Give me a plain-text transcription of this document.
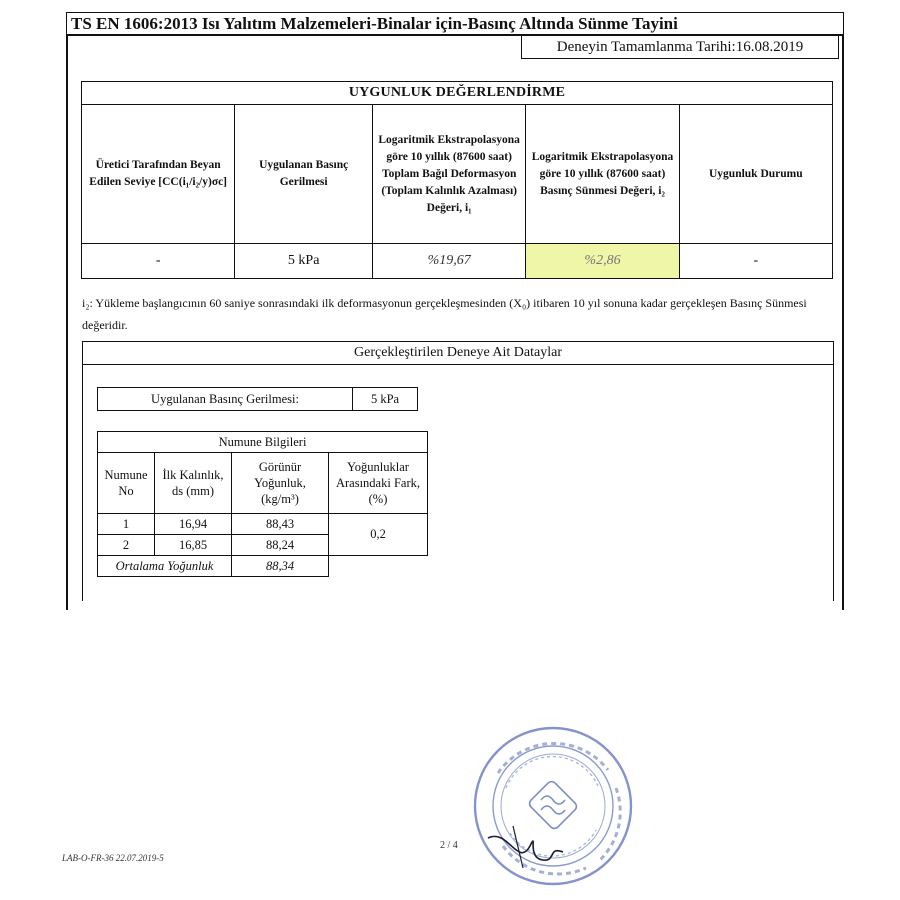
TS EN 1606:2013 Isı Yalıtım Malzemeleri-Binalar için-Basınç Altında Sünme Tayini
Deneyin Tamamlanma Tarihi:16.08.2019
UYGUNLUK DEĞERLENDİRME				
Üretici Tarafından Beyan Edilen Seviye [CC(i₁/i₂/y)σc]	Uygulanan Basınç Gerilmesi	Logaritmik Ekstrapolasyona göre 10 yıllık (87600 saat) Toplam Bağıl Deformasyon (Toplam Kalınlık Azalması) Değeri, i₁	Logaritmik Ekstrapolasyona göre 10 yıllık (87600 saat) Basınç Sünmesi Değeri, i₂	Uygunluk Durumu
-	5 kPa	%19,67	%2,86	-
i₂: Yükleme başlangıcının 60 saniye sonrasındaki ilk deformasyonun gerçekleşmesinden (X₀) itibaren 10 yıl sonuna kadar gerçekleşen Basınç Sünmesi değeridir.
Gerçekleştirilen Deneye Ait Dataylar
Uygulanan Basınç Gerilmesi:	5 kPa
Numune Bilgileri			
Numune No	İlk Kalınlık, ds (mm)	Görünür Yoğunluk, (kg/m³)	Yoğunluklar Arasındaki Fark, (%)
1	16,94	88,43	0,2
2	16,85	88,24	
Ortalama Yoğunluk		88,34	
LAB-O-FR-36 22.07.2019-5
2 / 4
